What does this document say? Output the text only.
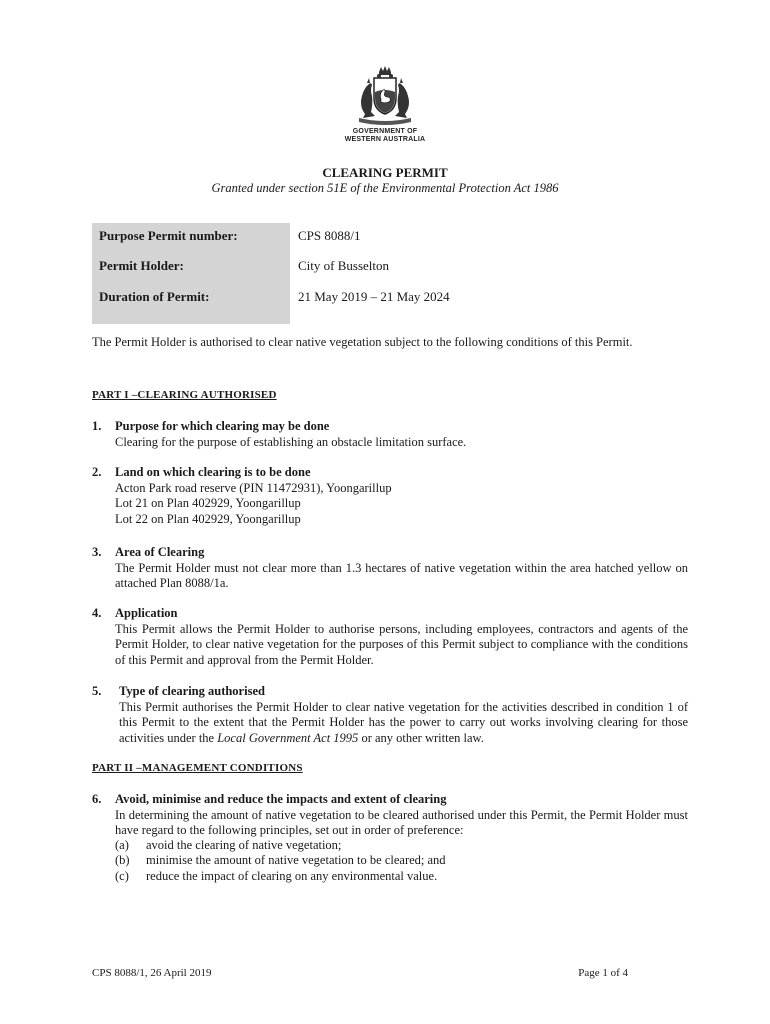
GOVERNMENT OF
WESTERN AUSTRALIA
CLEARING PERMIT
Granted under section 51E of the Environmental Protection Act 1986
Purpose Permit number:	CPS 8088/1
Permit Holder:	City of Busselton
Duration of Permit:	21 May 2019 – 21 May 2024
The Permit Holder is authorised to clear native vegetation subject to the following conditions of this Permit.
PART I –CLEARING AUTHORISED
1. Purpose for which clearing may be done
Clearing for the purpose of establishing an obstacle limitation surface.
2. Land on which clearing is to be done
Acton Park road reserve (PIN 11472931), Yoongarillup
Lot 21 on Plan 402929, Yoongarillup
Lot 22 on Plan 402929, Yoongarillup
3. Area of Clearing
The Permit Holder must not clear more than 1.3 hectares of native vegetation within the area hatched yellow on attached Plan 8088/1a.
4. Application
This Permit allows the Permit Holder to authorise persons, including employees, contractors and agents of the Permit Holder, to clear native vegetation for the purposes of this Permit subject to compliance with the conditions of this Permit and approval from the Permit Holder.
5. Type of clearing authorised
This Permit authorises the Permit Holder to clear native vegetation for the activities described in condition 1 of this Permit to the extent that the Permit Holder has the power to carry out works involving clearing for those activities under the Local Government Act 1995 or any other written law.
PART II –MANAGEMENT CONDITIONS
6. Avoid, minimise and reduce the impacts and extent of clearing
In determining the amount of native vegetation to be cleared authorised under this Permit, the Permit Holder must have regard to the following principles, set out in order of preference:
(a) avoid the clearing of native vegetation;
(b) minimise the amount of native vegetation to be cleared; and
(c) reduce the impact of clearing on any environmental value.
CPS 8088/1, 26 April 2019	Page 1 of 4
